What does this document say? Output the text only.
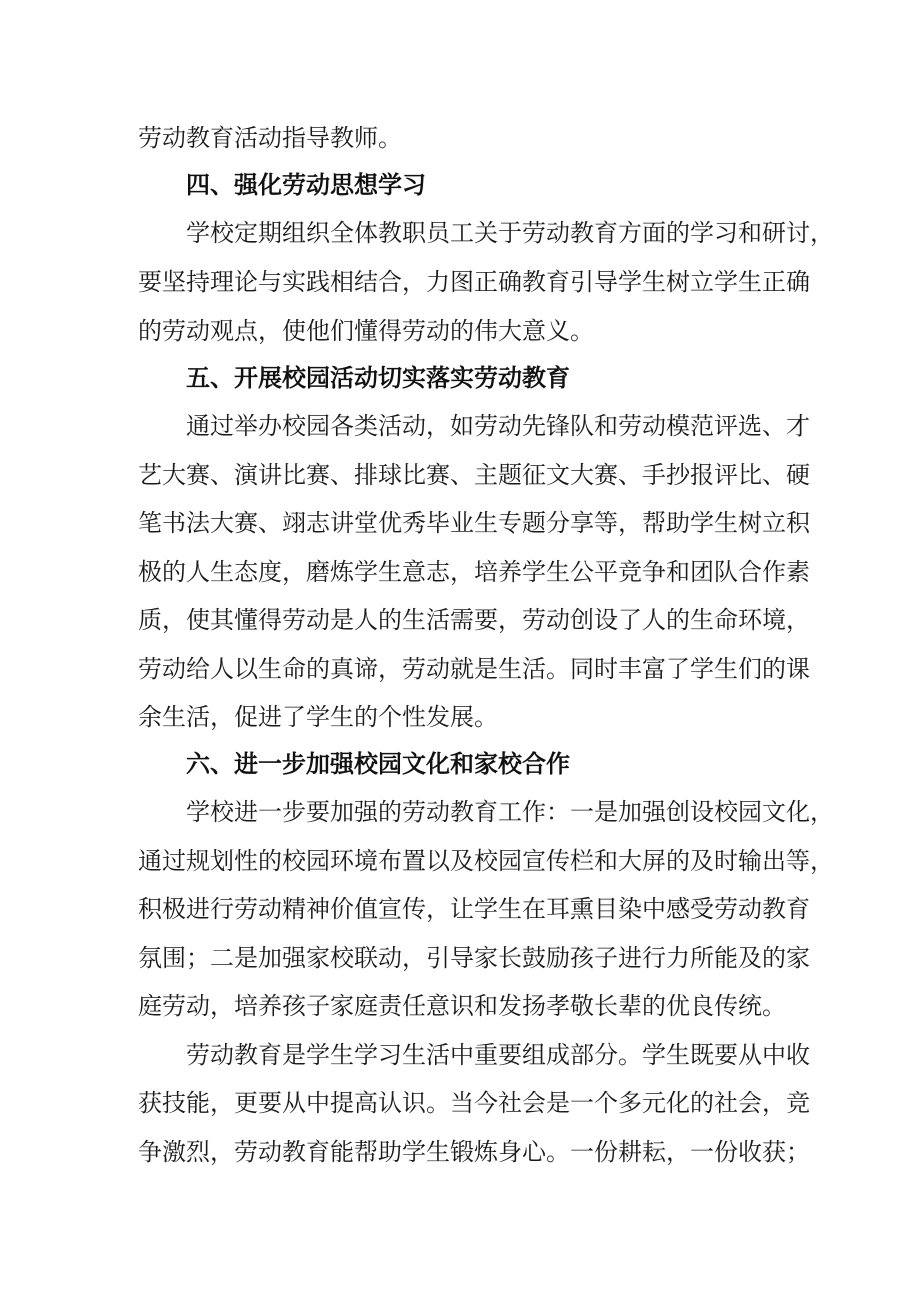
劳动教育活动指导教师。
四、强化劳动思想学习
学校定期组织全体教职员工关于劳动教育方面的学习和研讨，
要坚持理论与实践相结合，力图正确教育引导学生树立学生正确
的劳动观点，使他们懂得劳动的伟大意义。
五、开展校园活动切实落实劳动教育
通过举办校园各类活动，如劳动先锋队和劳动模范评选、才
艺大赛、演讲比赛、排球比赛、主题征文大赛、手抄报评比、硬
笔书法大赛、翊志讲堂优秀毕业生专题分享等，帮助学生树立积
极的人生态度，磨炼学生意志，培养学生公平竞争和团队合作素
质，使其懂得劳动是人的生活需要，劳动创设了人的生命环境，
劳动给人以生命的真谛，劳动就是生活。同时丰富了学生们的课
余生活，促进了学生的个性发展。
六、进一步加强校园文化和家校合作
学校进一步要加强的劳动教育工作：一是加强创设校园文化，
通过规划性的校园环境布置以及校园宣传栏和大屏的及时输出等，
积极进行劳动精神价值宣传，让学生在耳熏目染中感受劳动教育
氛围；二是加强家校联动，引导家长鼓励孩子进行力所能及的家
庭劳动，培养孩子家庭责任意识和发扬孝敬长辈的优良传统。
劳动教育是学生学习生活中重要组成部分。学生既要从中收
获技能，更要从中提高认识。当今社会是一个多元化的社会，竞
争激烈，劳动教育能帮助学生锻炼身心。一份耕耘，一份收获；
